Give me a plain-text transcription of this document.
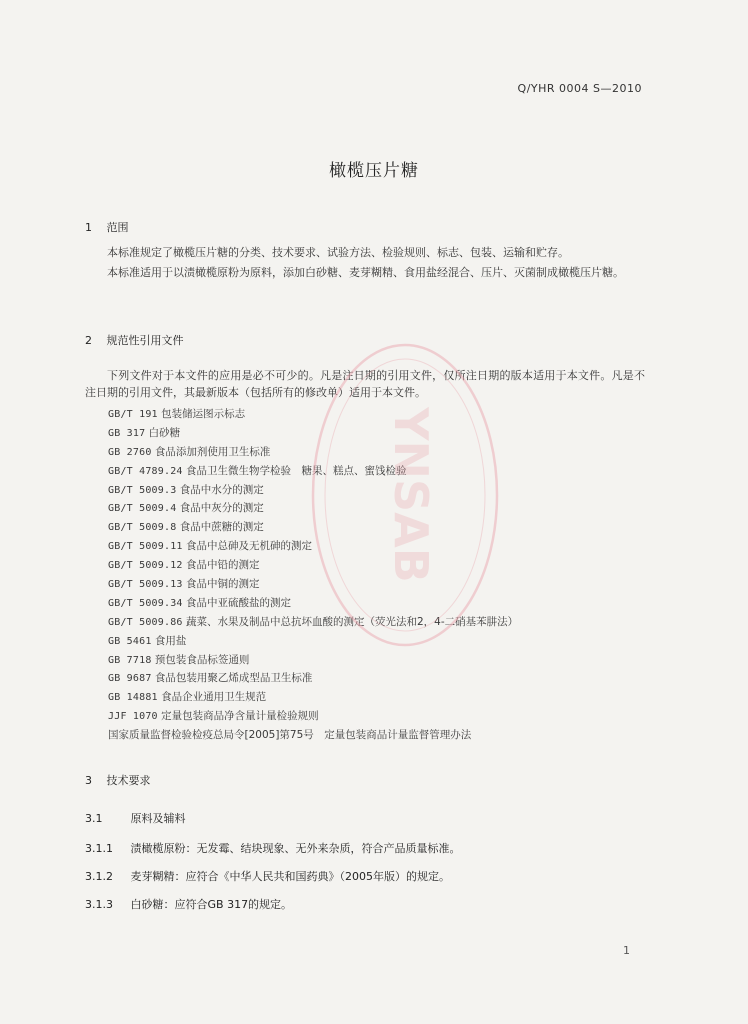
Q/YHR 0004 S—2010
橄榄压片糖
1 范围

本标准规定了橄榄压片糖的分类、技术要求、试验方法、检验规则、标志、包装、运输和贮存。

本标准适用于以渍橄榄原粉为原料，添加白砂糖、麦芽糊精、食用盐经混合、压片、灭菌制成橄榄压片糖。

2 规范性引用文件

下列文件对于本文件的应用是必不可少的。凡是注日期的引用文件，仅所注日期的版本适用于本文件。凡是不注日期的引用文件，其最新版本（包括所有的修改单）适用于本文件。

GB/T 191 包装储运图示标志
GB 317 白砂糖
GB 2760 食品添加剂使用卫生标准
GB/T 4789.24 食品卫生微生物学检验　糖果、糕点、蜜饯检验
GB/T 5009.3 食品中水分的测定
GB/T 5009.4 食品中灰分的测定
GB/T 5009.8 食品中蔗糖的测定
GB/T 5009.11 食品中总砷及无机砷的测定
GB/T 5009.12 食品中铅的测定
GB/T 5009.13 食品中铜的测定
GB/T 5009.34 食品中亚硫酸盐的测定
GB/T 5009.86 蔬菜、水果及制品中总抗坏血酸的测定（荧光法和2，4-二硝基苯肼法）
GB 5461 食用盐
GB 7718 预包装食品标签通则
GB 9687 食品包装用聚乙烯成型品卫生标准
GB 14881 食品企业通用卫生规范
JJF 1070 定量包装商品净含量计量检验规则
国家质量监督检验检疫总局令[2005]第75号　定量包装商品计量监督管理办法
3 技术要求
3.1	原料及辅料
3.1.1 渍橄榄原粉：无发霉、结块现象、无外来杂质，符合产品质量标准。
3.1.2 麦芽糊精：应符合《中华人民共和国药典》（2005年版）的规定。
3.1.3 白砂糖：应符合GB 317的规定。
1
YNSAB
